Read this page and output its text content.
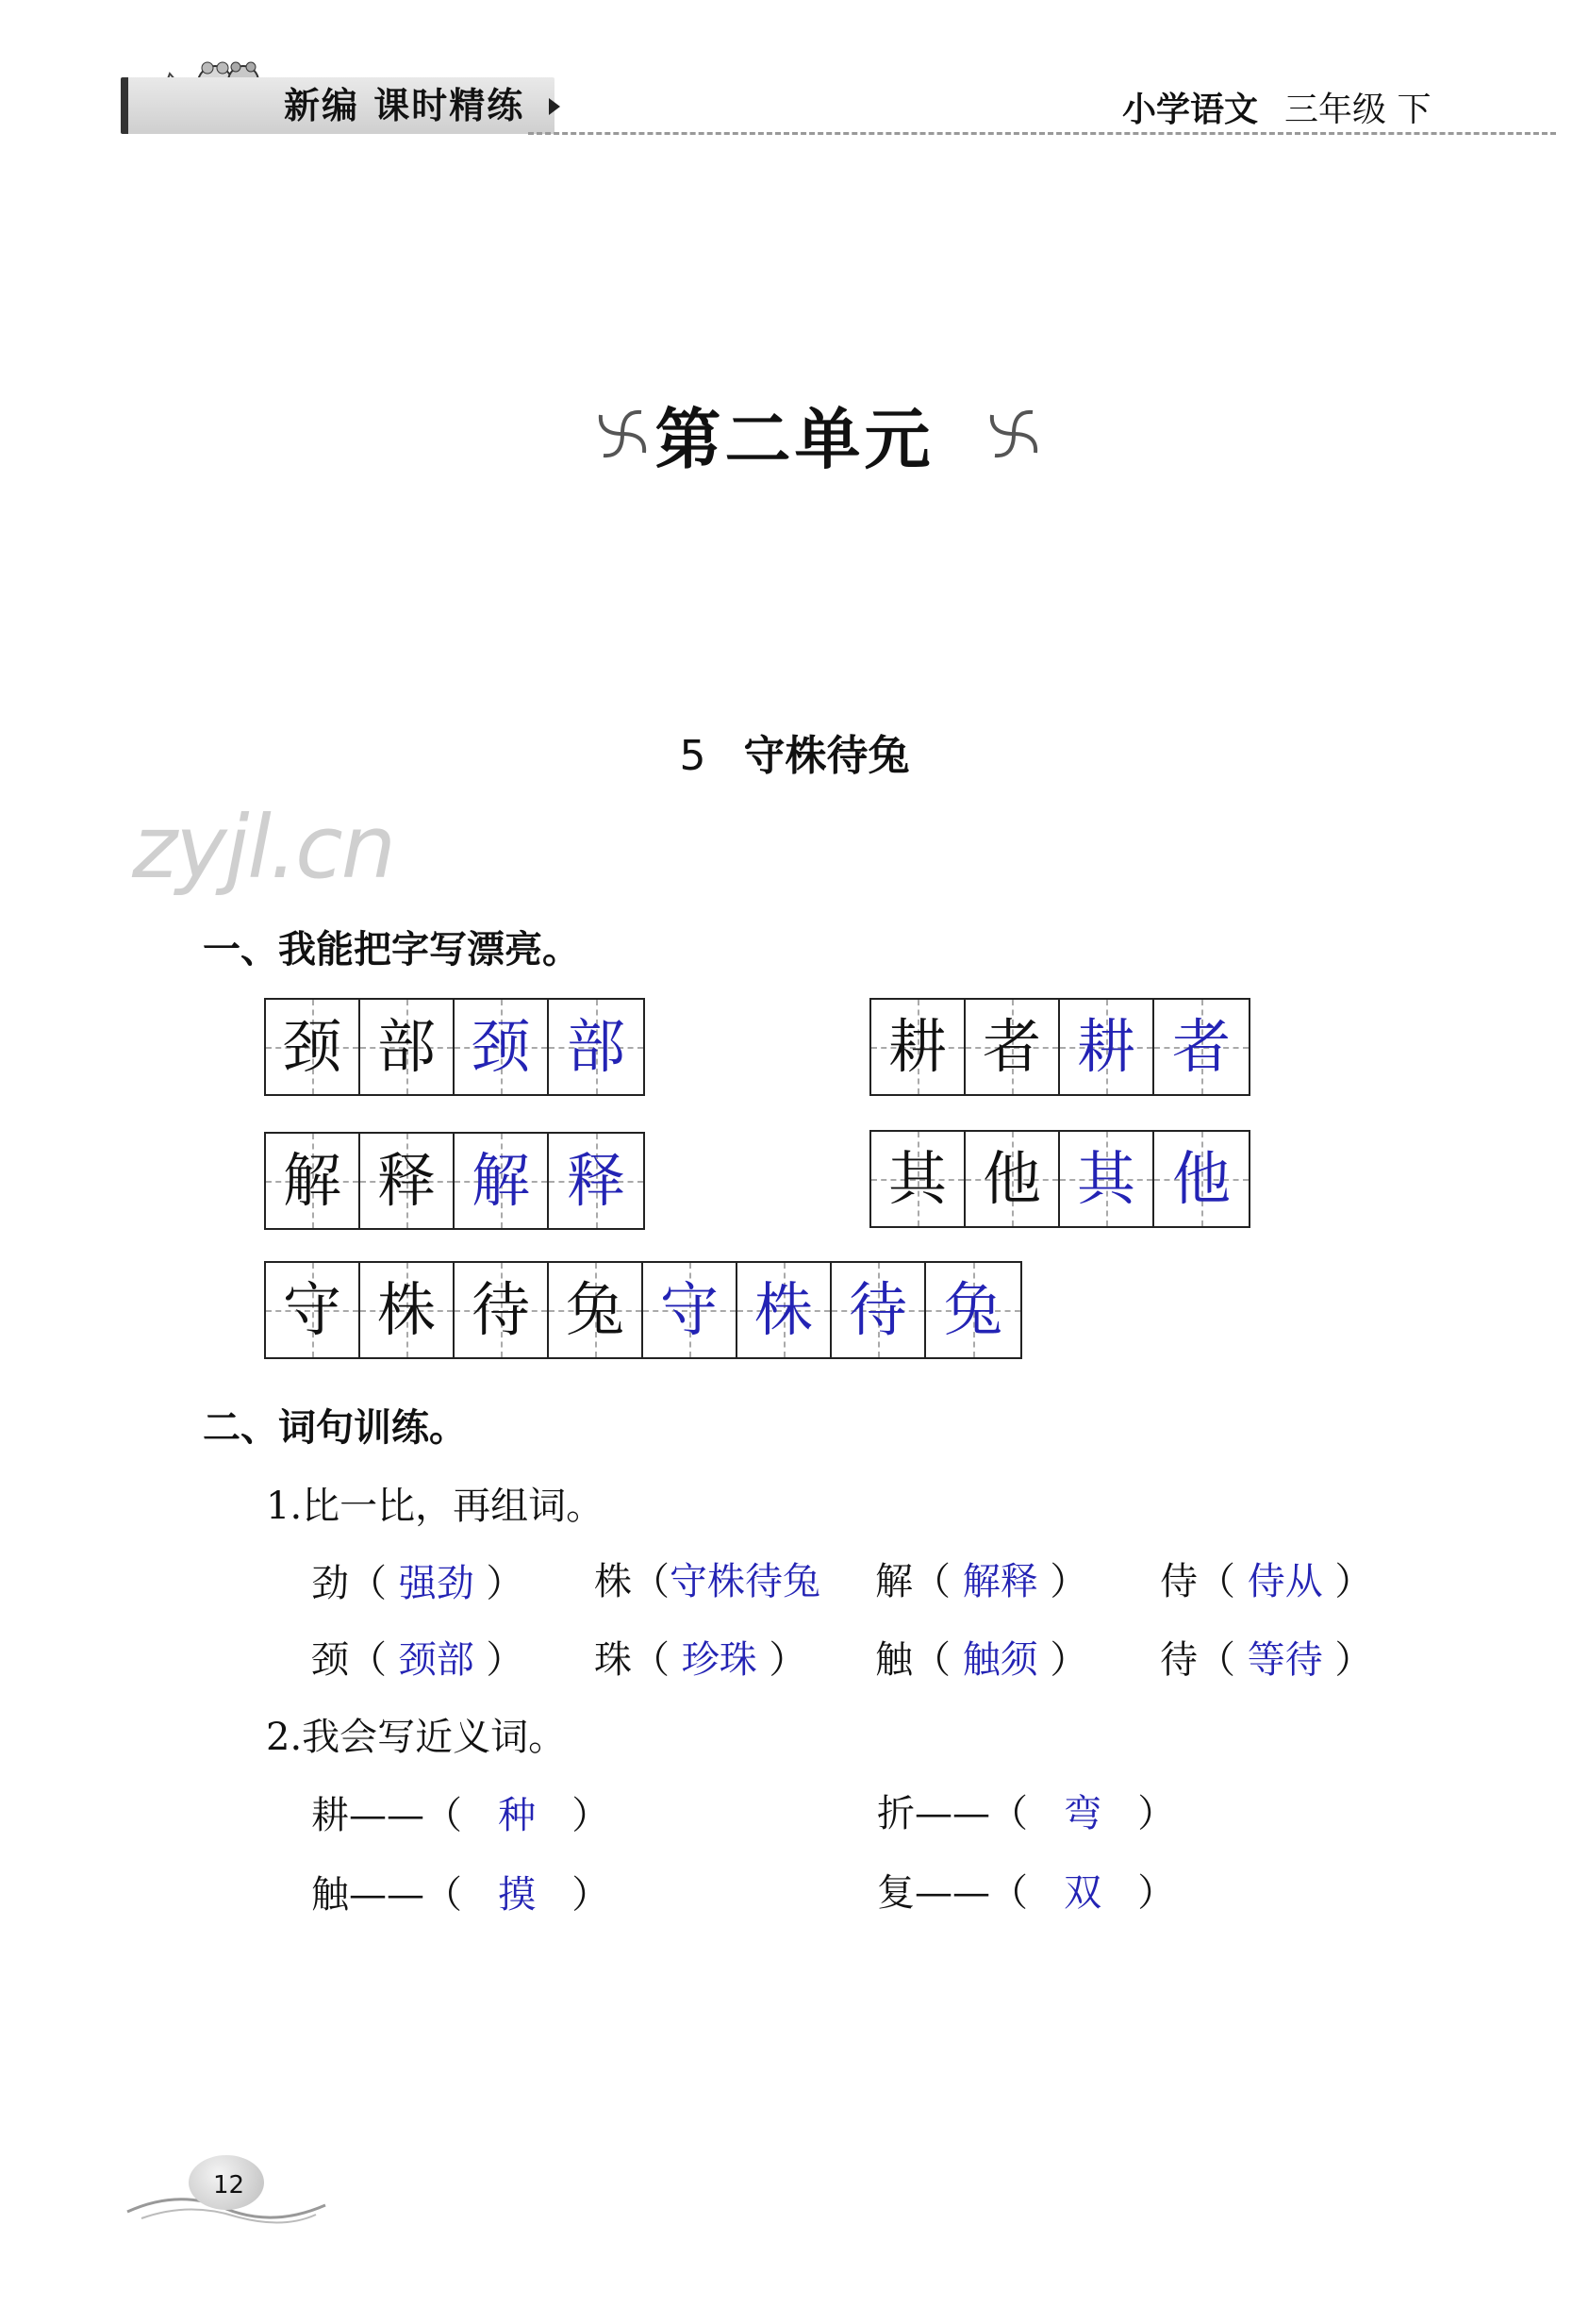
新编 课时精练	小学语文 三年级 下
第二单元
5 守株待兔
zyjl.cn
一、我能把字写漂亮。
颈 部 颈 部	耕 者 耕 者
解 释 解 释	其 他 其 他
守 株 待 兔 守 株 待 兔
二、词句训练。
1.比一比，再组词。
劲（ 强劲 ） 株（守株待兔 解（ 解释 ） 侍（ 侍从 ）
颈（ 颈部 ） 珠（ 珍珠 ） 触（ 触须 ） 待（ 等待 ）
2.我会写近义词。
耕——（   种   ）	折——（   弯   ）
触——（   摸   ）	复——（   双   ）
12
